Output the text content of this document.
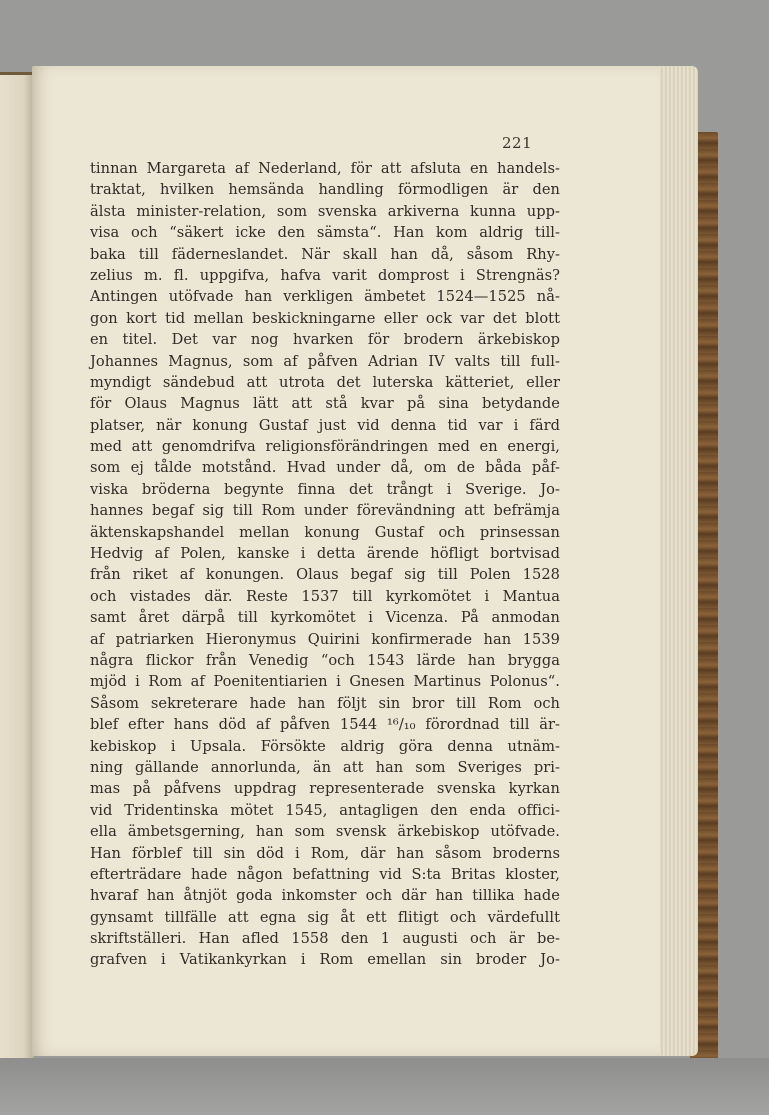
221
tinnan Margareta af Nederland, för att afsluta en handels-
traktat, hvilken hemsända handling förmodligen är den
älsta minister-relation, som svenska arkiverna kunna upp-
visa och “säkert icke den sämsta“. Han kom aldrig till-
baka till fäderneslandet. När skall han då, såsom Rhy-
zelius m. fl. uppgifva, hafva varit domprost i Strengnäs?
Antingen utöfvade han verkligen ämbetet 1524—1525 nå-
gon kort tid mellan beskickningarne eller ock var det blott
en titel. Det var nog hvarken för brodern ärkebiskop
Johannes Magnus, som af påfven Adrian IV valts till full-
myndigt sändebud att utrota det luterska kätteriet, eller
för Olaus Magnus lätt att stå kvar på sina betydande
platser, när konung Gustaf just vid denna tid var i färd
med att genomdrifva religionsförändringen med en energi,
som ej tålde motstånd. Hvad under då, om de båda påf-
viska bröderna begynte finna det trångt i Sverige. Jo-
hannes begaf sig till Rom under förevändning att befrämja
äktenskapshandel mellan konung Gustaf och prinsessan
Hedvig af Polen, kanske i detta ärende höfligt bortvisad
från riket af konungen. Olaus begaf sig till Polen 1528
och vistades där. Reste 1537 till kyrkomötet i Mantua
samt året därpå till kyrkomötet i Vicenza. På anmodan
af patriarken Hieronymus Quirini konfirmerade han 1539
några flickor från Venedig “och 1543 lärde han brygga
mjöd i Rom af Poenitentiarien i Gnesen Martinus Polonus“.
Såsom sekreterare hade han följt sin bror till Rom och
blef efter hans död af påfven 1544 ¹⁶/₁₀ förordnad till är-
kebiskop i Upsala. Försökte aldrig göra denna utnäm-
ning gällande annorlunda, än att han som Sveriges pri-
mas på påfvens uppdrag representerade svenska kyrkan
vid Tridentinska mötet 1545, antagligen den enda offici-
ella ämbetsgerning, han som svensk ärkebiskop utöfvade.
Han förblef till sin död i Rom, där han såsom broderns
efterträdare hade någon befattning vid S:ta Britas kloster,
hvaraf han åtnjöt goda inkomster och där han tillika hade
gynsamt tillfälle att egna sig åt ett flitigt och värdefullt
skriftställeri. Han afled 1558 den 1 augusti och är be-
grafven i Vatikankyrkan i Rom emellan sin broder Jo-
